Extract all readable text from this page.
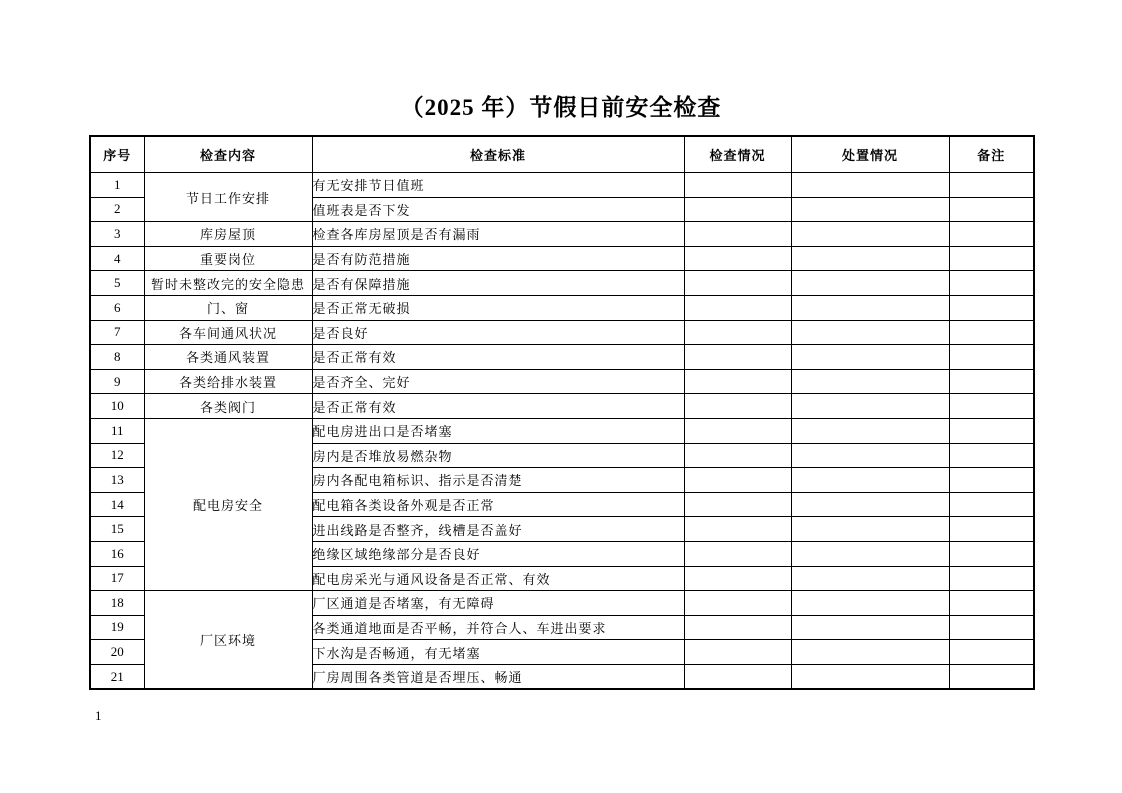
（2025 年）节假日前安全检查
序号	检查内容	检查标准	检查情况	处置情况	备注
1	节日工作安排	有无安排节日值班			
2		值班表是否下发			
3	库房屋顶	检查各库房屋顶是否有漏雨			
4	重要岗位	是否有防范措施			
5	暂时未整改完的安全隐患	是否有保障措施			
6	门、窗	是否正常无破损			
7	各车间通风状况	是否良好			
8	各类通风装置	是否正常有效			
9	各类给排水装置	是否齐全、完好			
10	各类阀门	是否正常有效			
11	配电房安全	配电房进出口是否堵塞			
12		房内是否堆放易燃杂物			
13		房内各配电箱标识、指示是否清楚			
14		配电箱各类设备外观是否正常			
15		进出线路是否整齐，线槽是否盖好			
16		绝缘区域绝缘部分是否良好			
17		配电房采光与通风设备是否正常、有效			
18	厂区环境	厂区通道是否堵塞，有无障碍			
19		各类通道地面是否平畅，并符合人、车进出要求			
20		下水沟是否畅通，有无堵塞			
21		厂房周围各类管道是否埋压、畅通			
1
